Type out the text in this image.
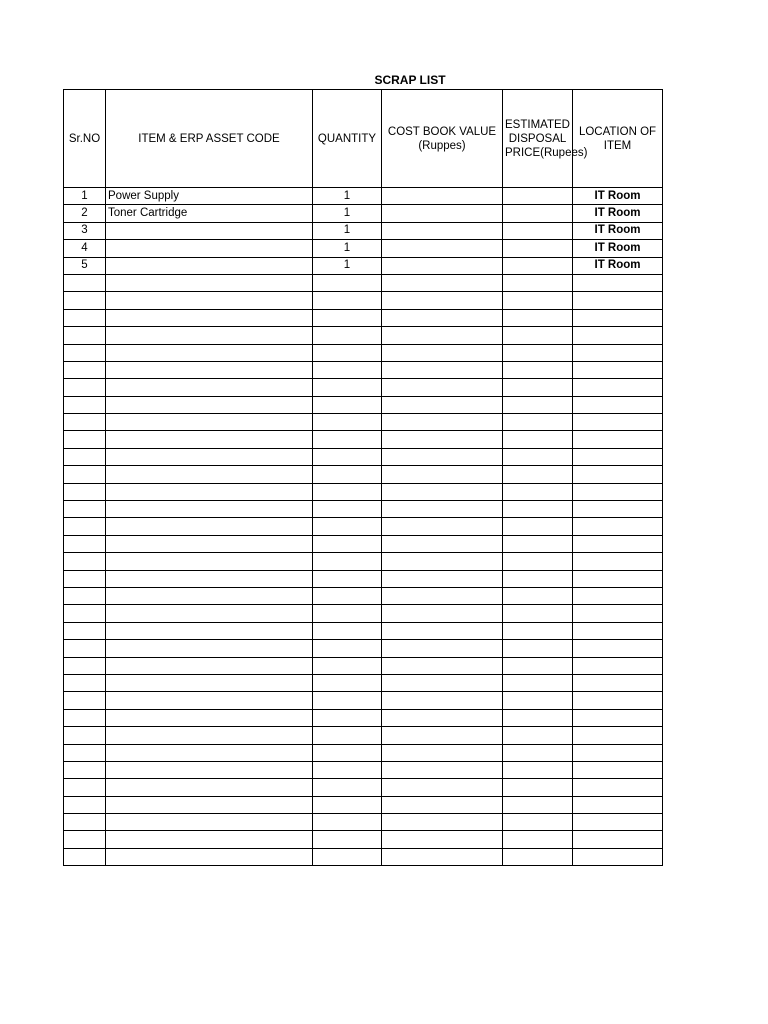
SCRAP LIST
Sr.NO	ITEM & ERP ASSET CODE	QUANTITY	COST BOOK VALUE (Ruppes)	ESTIMATED DISPOSAL PRICE(Rupees)	LOCATION OF ITEM
1	Power Supply	1			IT Room
2	Toner Cartridge	1			IT Room
3		1			IT Room
4		1			IT Room
5		1			IT Room
